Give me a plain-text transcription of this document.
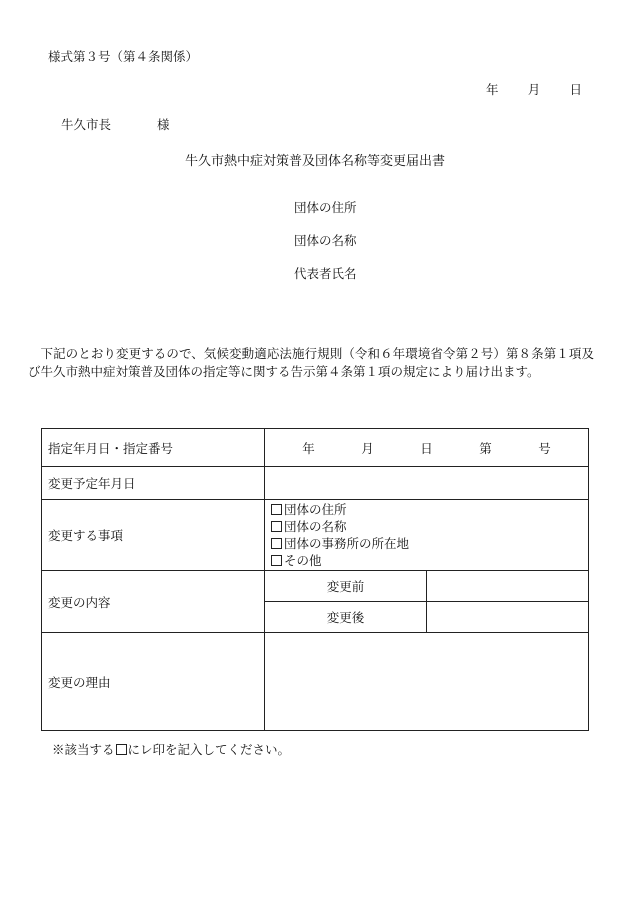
様式第３号（第４条関係）
年 月 日
牛久市長	様
牛久市熱中症対策普及団体名称等変更届出書
団体の住所
団体の名称
代表者氏名

下記のとおり変更するので、気候変動適応法施行規則（令和６年環境省令第２号）第８条第１項及び牛久市熱中症対策普及団体の指定等に関する告示第４条第１項の規定により届け出ます。

指定年月日・指定番号	年 月 日 第 号	

変更予定年月日		
変更する事項	団体の住所
団体の名称
団体の事務所の所在地
その他	

変更の内容	変更前	
	変更後	
変更の理由		
※該当する にレ印を記入してください。
